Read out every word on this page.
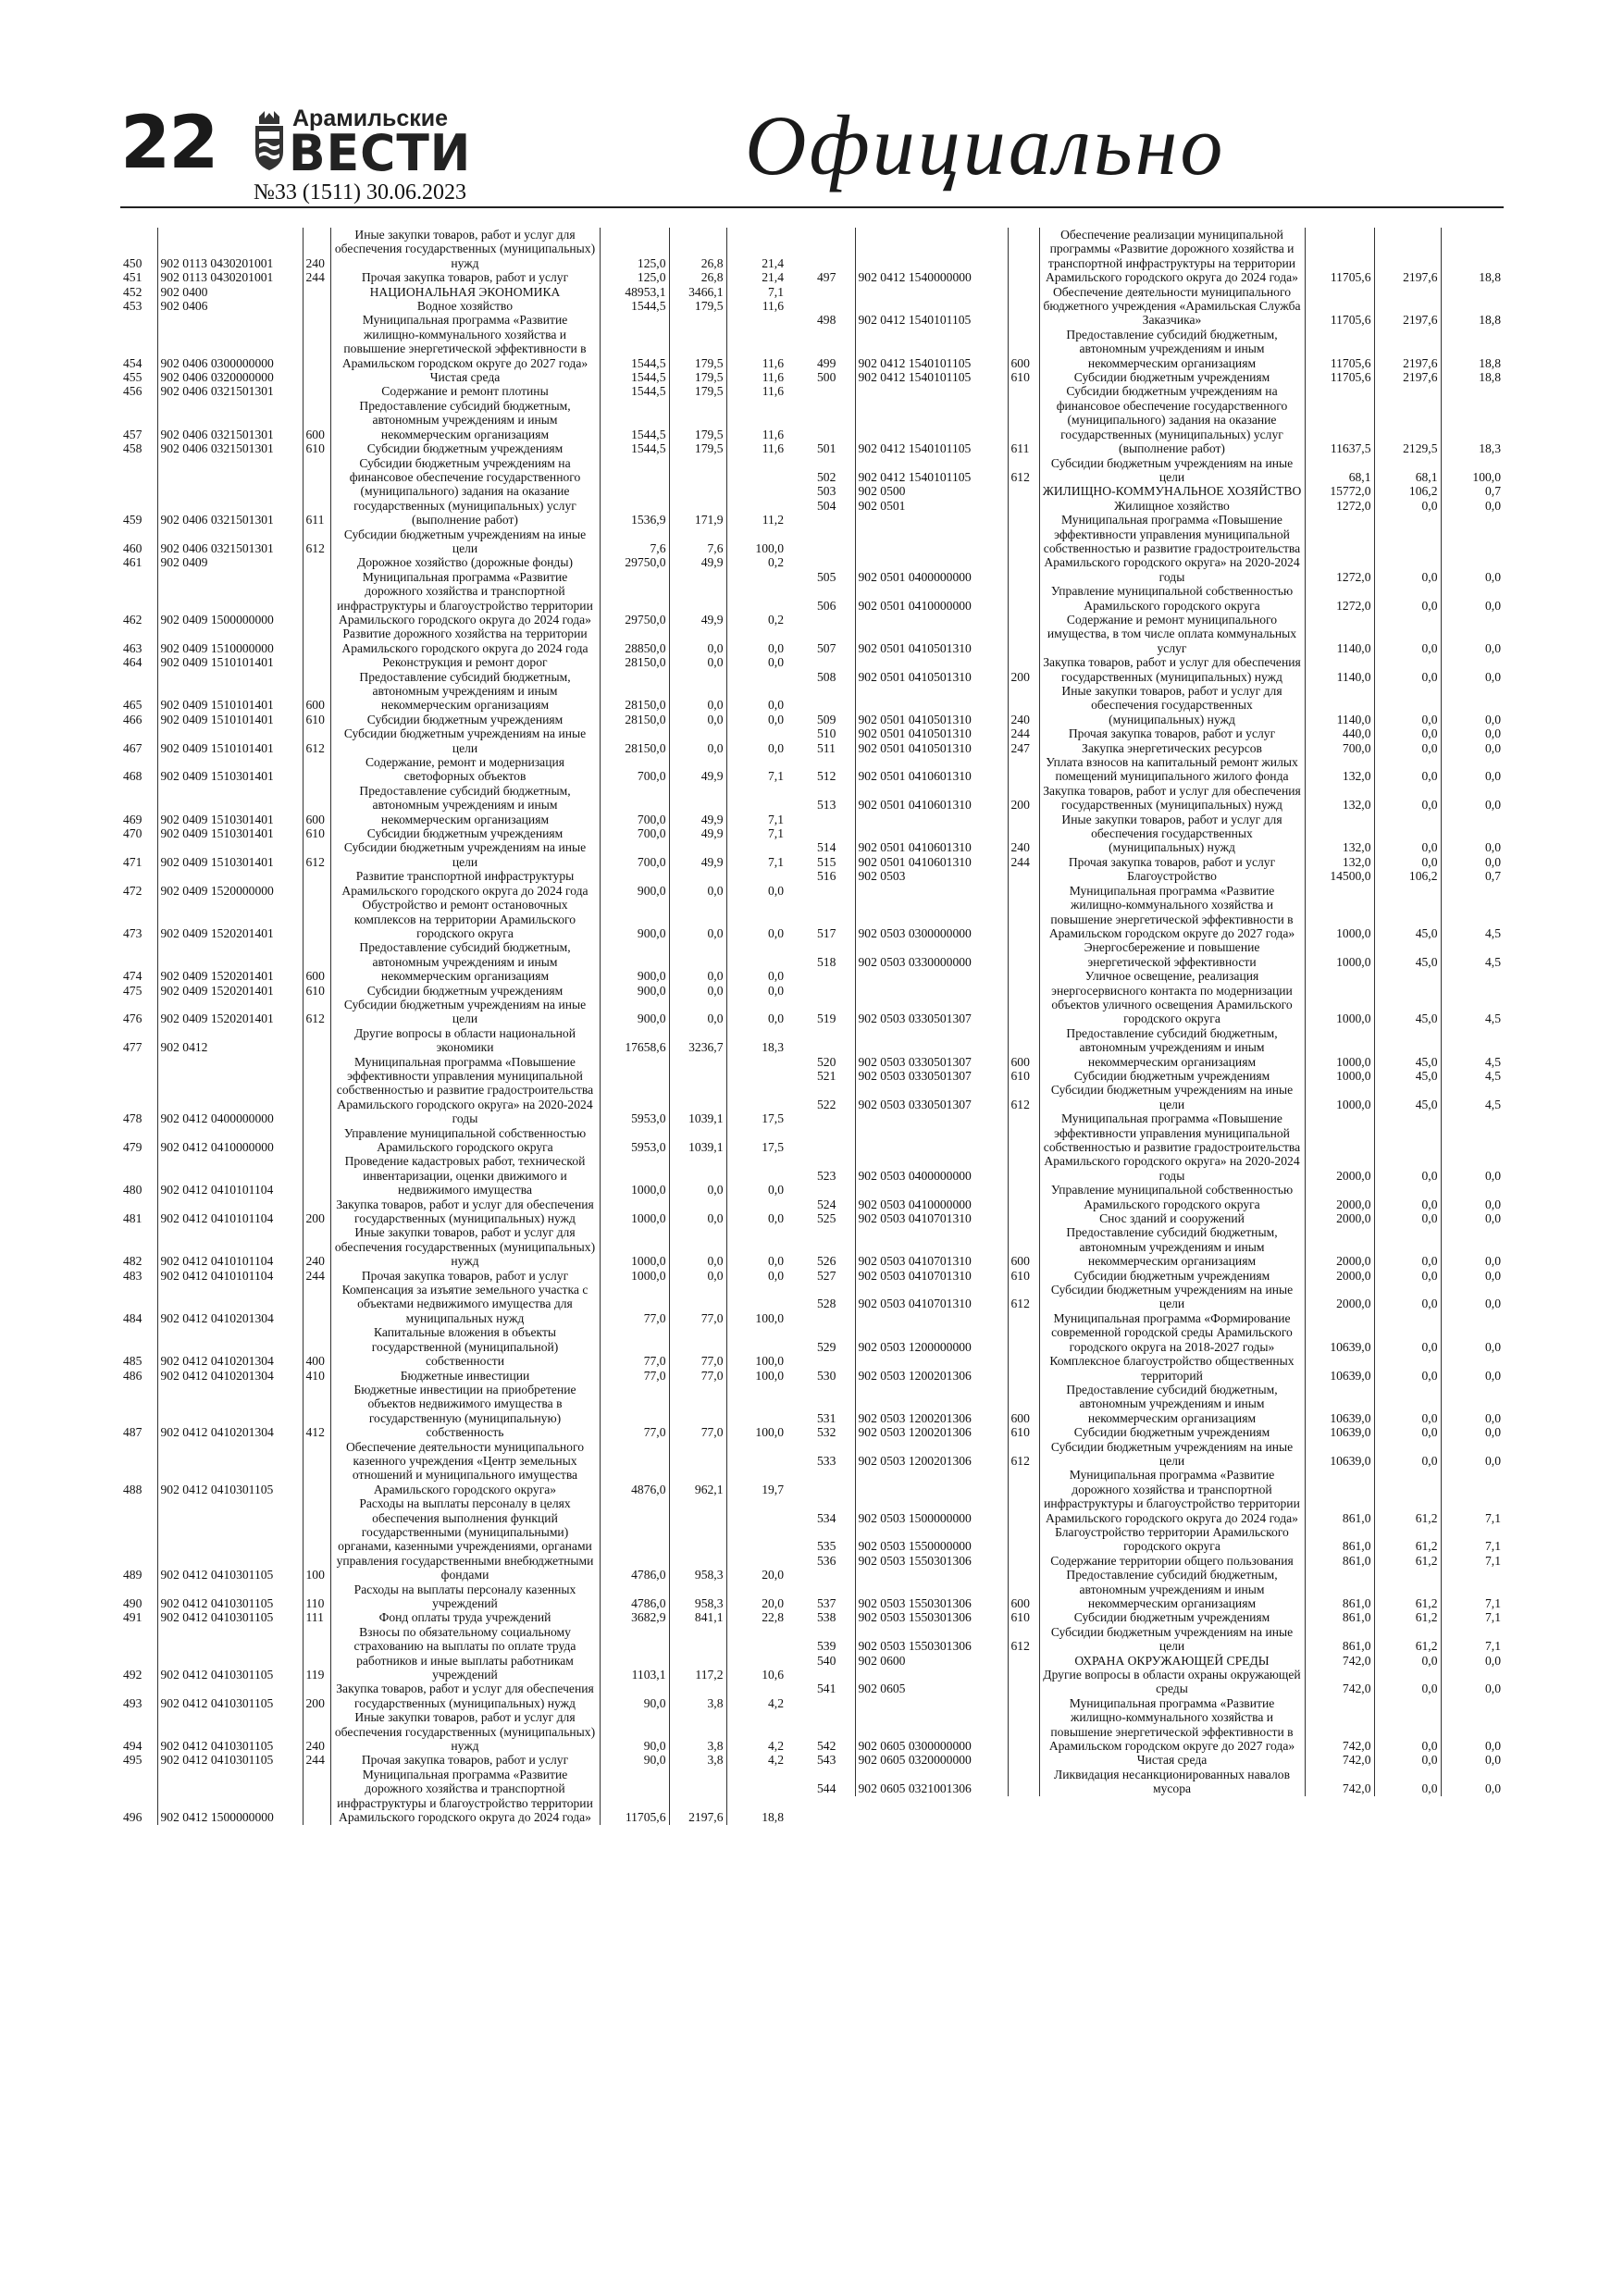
22	Арамильские
ВЕСТИ
№33 (1511) 30.06.2023	Официально
450	902 0113 0430201001	240	Иные закупки товаров, работ и услуг для обеспечения государственных (муниципальных) нужд	125,0	26,8	21,4
451	902 0113 0430201001	244	Прочая закупка товаров, работ и услуг	125,0	26,8	21,4
452	902 0400		НАЦИОНАЛЬНАЯ ЭКОНОМИКА	48953,1	3466,1	7,1
453	902 0406		Водное хозяйство	1544,5	179,5	11,6
454	902 0406 0300000000		Муниципальная программа «Развитие жилищно-коммунального хозяйства и повышение энергетической эффективности в Арамильском городском округе до 2027 года»	1544,5	179,5	11,6
455	902 0406 0320000000		Чистая среда	1544,5	179,5	11,6
456	902 0406 0321501301		Содержание и ремонт плотины	1544,5	179,5	11,6
457	902 0406 0321501301	600	Предоставление субсидий бюджетным, автономным учреждениям и иным некоммерческим организациям	1544,5	179,5	11,6
458	902 0406 0321501301	610	Субсидии бюджетным учреждениям	1544,5	179,5	11,6
459	902 0406 0321501301	611	Субсидии бюджетным учреждениям на финансовое обеспечение государственного (муниципального) задания на оказание государственных (муниципальных) услуг (выполнение работ)	1536,9	171,9	11,2
460	902 0406 0321501301	612	Субсидии бюджетным учреждениям на иные цели	7,6	7,6	100,0
461	902 0409		Дорожное хозяйство (дорожные фонды)	29750,0	49,9	0,2
462	902 0409 1500000000		Муниципальная программа «Развитие дорожного хозяйства и транспортной инфраструктуры и благоустройство территории Арамильского городского округа до 2024 года»	29750,0	49,9	0,2
463	902 0409 1510000000		Развитие дорожного хозяйства на территории Арамильского городского округа до 2024 года	28850,0	0,0	0,0
464	902 0409 1510101401		Реконструкция и ремонт дорог	28150,0	0,0	0,0
465	902 0409 1510101401	600	Предоставление субсидий бюджетным, автономным учреждениям и иным некоммерческим организациям	28150,0	0,0	0,0
466	902 0409 1510101401	610	Субсидии бюджетным учреждениям	28150,0	0,0	0,0
467	902 0409 1510101401	612	Субсидии бюджетным учреждениям на иные цели	28150,0	0,0	0,0
468	902 0409 1510301401		Содержание, ремонт и модернизация светофорных объектов	700,0	49,9	7,1
469	902 0409 1510301401	600	Предоставление субсидий бюджетным, автономным учреждениям и иным некоммерческим организациям	700,0	49,9	7,1
470	902 0409 1510301401	610	Субсидии бюджетным учреждениям	700,0	49,9	7,1
471	902 0409 1510301401	612	Субсидии бюджетным учреждениям на иные цели	700,0	49,9	7,1
472	902 0409 1520000000		Развитие транспортной инфраструктуры Арамильского городского округа до 2024 года	900,0	0,0	0,0
473	902 0409 1520201401		Обустройство и ремонт остановочных комплексов на территории Арамильского городского округа	900,0	0,0	0,0
474	902 0409 1520201401	600	Предоставление субсидий бюджетным, автономным учреждениям и иным некоммерческим организациям	900,0	0,0	0,0
475	902 0409 1520201401	610	Субсидии бюджетным учреждениям	900,0	0,0	0,0
476	902 0409 1520201401	612	Субсидии бюджетным учреждениям на иные цели	900,0	0,0	0,0
477	902 0412		Другие вопросы в области национальной экономики	17658,6	3236,7	18,3
478	902 0412 0400000000		Муниципальная программа «Повышение эффективности управления муниципальной собственностью и развитие градостроительства Арамильского городского округа» на 2020-2024 годы	5953,0	1039,1	17,5
479	902 0412 0410000000		Управление муниципальной собственностью Арамильского городского округа	5953,0	1039,1	17,5
480	902 0412 0410101104		Проведение кадастровых работ, технической инвентаризации, оценки движимого и недвижимого имущества	1000,0	0,0	0,0
481	902 0412 0410101104	200	Закупка товаров, работ и услуг для обеспечения государственных (муниципальных) нужд	1000,0	0,0	0,0
482	902 0412 0410101104	240	Иные закупки товаров, работ и услуг для обеспечения государственных (муниципальных) нужд	1000,0	0,0	0,0
483	902 0412 0410101104	244	Прочая закупка товаров, работ и услуг	1000,0	0,0	0,0
484	902 0412 0410201304		Компенсация за изъятие земельного участка с объектами недвижимого имущества для муниципальных нужд	77,0	77,0	100,0
485	902 0412 0410201304	400	Капитальные вложения в объекты государственной (муниципальной) собственности	77,0	77,0	100,0
486	902 0412 0410201304	410	Бюджетные инвестиции	77,0	77,0	100,0
487	902 0412 0410201304	412	Бюджетные инвестиции на приобретение объектов недвижимого имущества в государственную (муниципальную) собственность	77,0	77,0	100,0
488	902 0412 0410301105		Обеспечение деятельности муниципального казенного учреждения «Центр земельных отношений и муниципального имущества Арамильского городского округа»	4876,0	962,1	19,7
489	902 0412 0410301105	100	Расходы на выплаты персоналу в целях обеспечения выполнения функций государственными (муниципальными) органами, казенными учреждениями, органами управления государственными внебюджетными фондами	4786,0	958,3	20,0
490	902 0412 0410301105	110	Расходы на выплаты персоналу казенных учреждений	4786,0	958,3	20,0
491	902 0412 0410301105	111	Фонд оплаты труда учреждений	3682,9	841,1	22,8
492	902 0412 0410301105	119	Взносы по обязательному социальному страхованию на выплаты по оплате труда работников и иные выплаты работникам учреждений	1103,1	117,2	10,6
493	902 0412 0410301105	200	Закупка товаров, работ и услуг для обеспечения государственных (муниципальных) нужд	90,0	3,8	4,2
494	902 0412 0410301105	240	Иные закупки товаров, работ и услуг для обеспечения государственных (муниципальных) нужд	90,0	3,8	4,2
495	902 0412 0410301105	244	Прочая закупка товаров, работ и услуг	90,0	3,8	4,2
496	902 0412 1500000000		Муниципальная программа «Развитие дорожного хозяйства и транспортной инфраструктуры и благоустройство территории Арамильского городского округа до 2024 года»	11705,6	2197,6	18,8
497	902 0412 1540000000		Обеспечение реализации муниципальной программы «Развитие дорожного хозяйства и транспортной инфраструктуры на территории Арамильского городского округа до 2024 года»	11705,6	2197,6	18,8
498	902 0412 1540101105		Обеспечение деятельности муниципального бюджетного учреждения «Арамильская Служба Заказчика»	11705,6	2197,6	18,8
499	902 0412 1540101105	600	Предоставление субсидий бюджетным, автономным учреждениям и иным некоммерческим организациям	11705,6	2197,6	18,8
500	902 0412 1540101105	610	Субсидии бюджетным учреждениям	11705,6	2197,6	18,8
501	902 0412 1540101105	611	Субсидии бюджетным учреждениям на финансовое обеспечение государственного (муниципального) задания на оказание государственных (муниципальных) услуг (выполнение работ)	11637,5	2129,5	18,3
502	902 0412 1540101105	612	Субсидии бюджетным учреждениям на иные цели	68,1	68,1	100,0
503	902 0500		ЖИЛИЩНО-КОММУНАЛЬНОЕ ХОЗЯЙСТВО	15772,0	106,2	0,7
504	902 0501		Жилищное хозяйство	1272,0	0,0	0,0
505	902 0501 0400000000		Муниципальная программа «Повышение эффективности управления муниципальной собственностью и развитие градостроительства Арамильского городского округа» на 2020-2024 годы	1272,0	0,0	0,0
506	902 0501 0410000000		Управление муниципальной собственностью Арамильского городского округа	1272,0	0,0	0,0
507	902 0501 0410501310		Содержание и ремонт муниципального имущества, в том числе оплата коммунальных услуг	1140,0	0,0	0,0
508	902 0501 0410501310	200	Закупка товаров, работ и услуг для обеспечения государственных (муниципальных) нужд	1140,0	0,0	0,0
509	902 0501 0410501310	240	Иные закупки товаров, работ и услуг для обеспечения государственных (муниципальных) нужд	1140,0	0,0	0,0
510	902 0501 0410501310	244	Прочая закупка товаров, работ и услуг	440,0	0,0	0,0
511	902 0501 0410501310	247	Закупка энергетических ресурсов	700,0	0,0	0,0
512	902 0501 0410601310		Уплата взносов на капитальный ремонт жилых помещений муниципального жилого фонда	132,0	0,0	0,0
513	902 0501 0410601310	200	Закупка товаров, работ и услуг для обеспечения государственных (муниципальных) нужд	132,0	0,0	0,0
514	902 0501 0410601310	240	Иные закупки товаров, работ и услуг для обеспечения государственных (муниципальных) нужд	132,0	0,0	0,0
515	902 0501 0410601310	244	Прочая закупка товаров, работ и услуг	132,0	0,0	0,0
516	902 0503		Благоустройство	14500,0	106,2	0,7
517	902 0503 0300000000		Муниципальная программа «Развитие жилищно-коммунального хозяйства и повышение энергетической эффективности в Арамильском городском округе до 2027 года»	1000,0	45,0	4,5
518	902 0503 0330000000		Энергосбережение и повышение энергетической эффективности	1000,0	45,0	4,5
519	902 0503 0330501307		Уличное освещение, реализация энергосервисного контакта по модернизации объектов уличного освещения Арамильского городского округа	1000,0	45,0	4,5
520	902 0503 0330501307	600	Предоставление субсидий бюджетным, автономным учреждениям и иным некоммерческим организациям	1000,0	45,0	4,5
521	902 0503 0330501307	610	Субсидии бюджетным учреждениям	1000,0	45,0	4,5
522	902 0503 0330501307	612	Субсидии бюджетным учреждениям на иные цели	1000,0	45,0	4,5
523	902 0503 0400000000		Муниципальная программа «Повышение эффективности управления муниципальной собственностью и развитие градостроительства Арамильского городского округа» на 2020-2024 годы	2000,0	0,0	0,0
524	902 0503 0410000000		Управление муниципальной собственностью Арамильского городского округа	2000,0	0,0	0,0
525	902 0503 0410701310		Снос зданий и сооружений	2000,0	0,0	0,0
526	902 0503 0410701310	600	Предоставление субсидий бюджетным, автономным учреждениям и иным некоммерческим организациям	2000,0	0,0	0,0
527	902 0503 0410701310	610	Субсидии бюджетным учреждениям	2000,0	0,0	0,0
528	902 0503 0410701310	612	Субсидии бюджетным учреждениям на иные цели	2000,0	0,0	0,0
529	902 0503 1200000000		Муниципальная программа «Формирование современной городской среды Арамильского городского округа на 2018-2027 годы»	10639,0	0,0	0,0
530	902 0503 1200201306		Комплексное благоустройство общественных территорий	10639,0	0,0	0,0
531	902 0503 1200201306	600	Предоставление субсидий бюджетным, автономным учреждениям и иным некоммерческим организациям	10639,0	0,0	0,0
532	902 0503 1200201306	610	Субсидии бюджетным учреждениям	10639,0	0,0	0,0
533	902 0503 1200201306	612	Субсидии бюджетным учреждениям на иные цели	10639,0	0,0	0,0
534	902 0503 1500000000		Муниципальная программа «Развитие дорожного хозяйства и транспортной инфраструктуры и благоустройство территории Арамильского городского округа до 2024 года»	861,0	61,2	7,1
535	902 0503 1550000000		Благоустройство территории Арамильского городского округа	861,0	61,2	7,1
536	902 0503 1550301306		Содержание территории общего пользования	861,0	61,2	7,1
537	902 0503 1550301306	600	Предоставление субсидий бюджетным, автономным учреждениям и иным некоммерческим организациям	861,0	61,2	7,1
538	902 0503 1550301306	610	Субсидии бюджетным учреждениям	861,0	61,2	7,1
539	902 0503 1550301306	612	Субсидии бюджетным учреждениям на иные цели	861,0	61,2	7,1
540	902 0600		ОХРАНА ОКРУЖАЮЩЕЙ СРЕДЫ	742,0	0,0	0,0
541	902 0605		Другие вопросы в области охраны окружающей среды	742,0	0,0	0,0
542	902 0605 0300000000		Муниципальная программа «Развитие жилищно-коммунального хозяйства и повышение энергетической эффективности в Арамильском городском округе до 2027 года»	742,0	0,0	0,0
543	902 0605 0320000000		Чистая среда	742,0	0,0	0,0
544	902 0605 0321001306		Ликвидация несанкционированных навалов мусора	742,0	0,0	0,0
